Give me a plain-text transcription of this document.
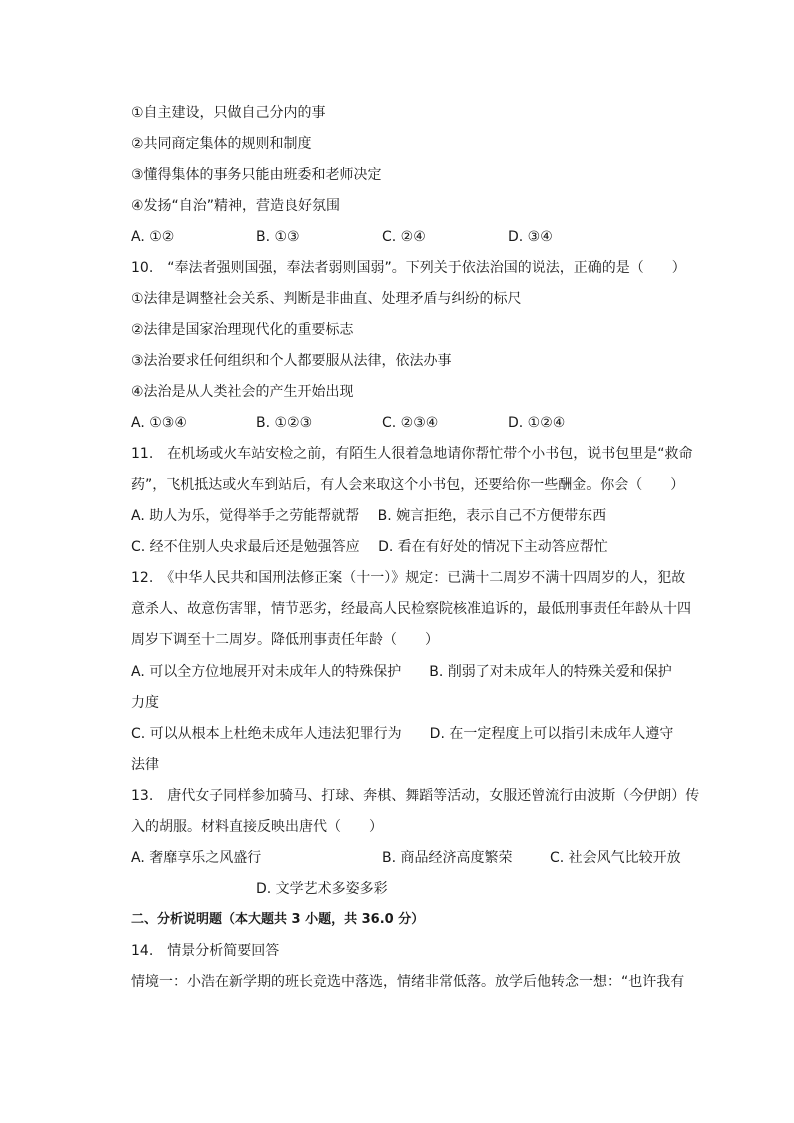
①自主建设，只做自己分内的事
②共同商定集体的规则和制度
③懂得集体的事务只能由班委和老师决定
④发扬“自治”精神，营造良好氛围
A. ①②	B. ①③	C. ②④	D. ③④
10.　“奉法者强则国强，奉法者弱则国弱”。下列关于依法治国的说法，正确的是（　　）
①法律是调整社会关系、判断是非曲直、处理矛盾与纠纷的标尺
②法律是国家治理现代化的重要标志
③法治要求任何组织和个人都要服从法律，依法办事
④法治是从人类社会的产生开始出现
A. ①③④	B. ①②③	C. ②③④	D. ①②④
11.　在机场或火车站安检之前，有陌生人很着急地请你帮忙带个小书包，说书包里是“救命
药”，飞机抵达或火车到站后，有人会来取这个小书包，还要给你一些酬金。你会（　　）
A. 助人为乐，觉得举手之劳能帮就帮　 B. 婉言拒绝，表示自己不方便带东西
C. 经不住别人央求最后还是勉强答应　 D. 看在有好处的情况下主动答应帮忙
12.　《中华人民共和国刑法修正案（十一）》规定：已满十二周岁不满十四周岁的人，犯故
意杀人、故意伤害罪，情节恶劣，经最高人民检察院核准追诉的，最低刑事责任年龄从十四
周岁下调至十二周岁。降低刑事责任年龄（　　）
A. 可以全方位地展开对未成年人的特殊保护　　B. 削弱了对未成年人的特殊关爱和保护
力度
C. 可以从根本上杜绝未成年人违法犯罪行为　　D. 在一定程度上可以指引未成年人遵守
法律
13.　唐代女子同样参加骑马、打球、奔棋、舞蹈等活动，女服还曾流行由波斯（今伊朗）传
入的胡服。材料直接反映出唐代（　　）
A. 奢靡享乐之风盛行	B. 商品经济高度繁荣	C. 社会风气比较开放
D. 文学艺术多姿多彩
二、分析说明题（本大题共 3 小题，共 36.0 分）
14.　情景分析简要回答
情境一：小浩在新学期的班长竞选中落选，情绪非常低落。放学后他转念一想：“也许我有
